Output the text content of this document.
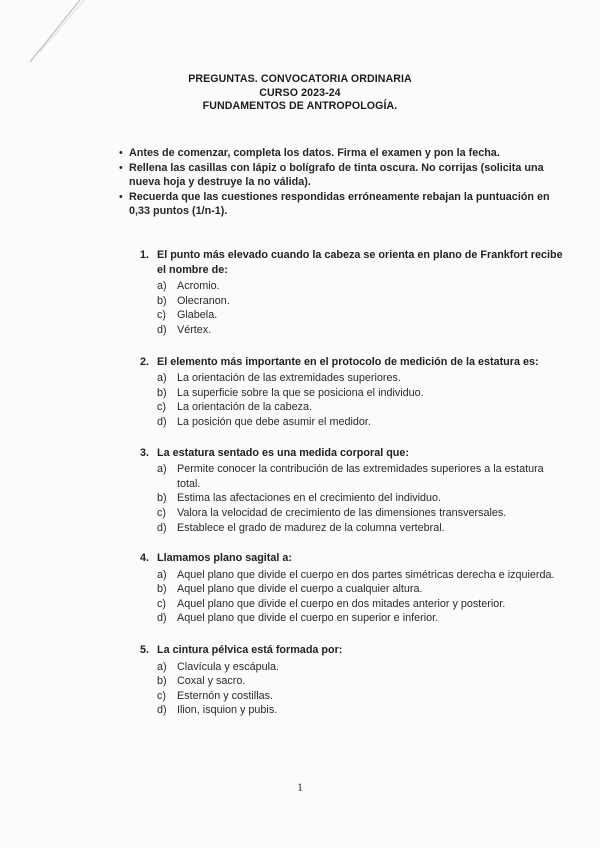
PREGUNTAS. CONVOCATORIA ORDINARIA
CURSO 2023-24
FUNDAMENTOS DE ANTROPOLOGÍA.
• Antes de comenzar, completa los datos. Firma el examen y pon la fecha.
• Rellena las casillas con lápiz o bolígrafo de tinta oscura. No corrijas (solicita una nueva hoja y destruye la no válida).
• Recuerda que las cuestiones respondidas erróneamente rebajan la puntuación en 0,33 puntos (1/n-1).
1. El punto más elevado cuando la cabeza se orienta en plano de Frankfort recibe el nombre de:
a) Acromio.
b) Olecranon.
c) Glabela.
d) Vértex.
2. El elemento más importante en el protocolo de medición de la estatura es:
a) La orientación de las extremidades superiores.
b) La superficie sobre la que se posiciona el individuo.
c) La orientación de la cabeza.
d) La posición que debe asumir el medidor.
3. La estatura sentado es una medida corporal que:
a) Permite conocer la contribución de las extremidades superiores a la estatura total.
b) Estima las afectaciones en el crecimiento del individuo.
c) Valora la velocidad de crecimiento de las dimensiones transversales.
d) Establece el grado de madurez de la columna vertebral.
4. Llamamos plano sagital a:
a) Aquel plano que divide el cuerpo en dos partes simétricas derecha e izquierda.
b) Aquel plano que divide el cuerpo a cualquier altura.
c) Aquel plano que divide el cuerpo en dos mitades anterior y posterior.
d) Aquel plano que divide el cuerpo en superior e inferior.
5. La cintura pélvica está formada por:
a) Clavícula y escápula.
b) Coxal y sacro.
c) Esternón y costillas.
d) Ilion, isquion y pubis.
1
